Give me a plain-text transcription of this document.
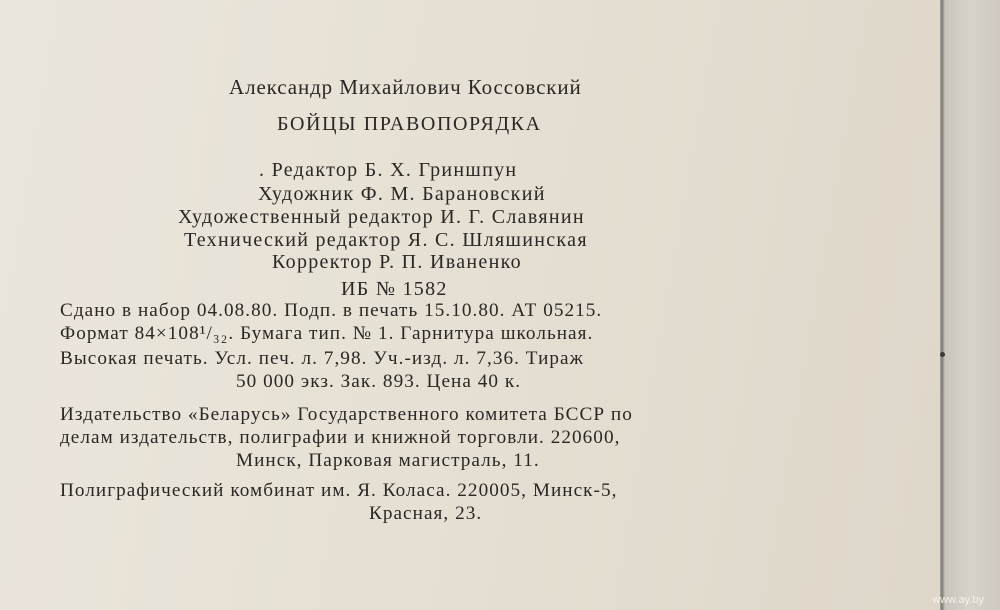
Александр Михайлович Коссовский

БОЙЦЫ ПРАВОПОРЯДКА

. Редактор Б. Х. Гриншпун

Художник Ф. М. Барановский

Художественный редактор И. Г. Славянин

Технический редактор Я. С. Шляшинская

Корректор Р. П. Иваненко

ИБ № 1582

Сдано в набор 04.08.80. Подп. в печать 15.10.80. АТ 05215.

Формат 84×108¹/₃₂. Бумага тип. № 1. Гарнитура школьная.

Высокая печать. Усл. печ. л. 7,98. Уч.-изд. л. 7,36. Тираж

50 000 экз. Зак. 893. Цена 40 к.

Издательство «Беларусь» Государственного комитета БССР по

делам издательств, полиграфии и книжной торговли. 220600,

Минск, Парковая магистраль, 11.

Полиграфический комбинат им. Я. Коласа. 220005, Минск-5,

Красная, 23.

www.ay.by
